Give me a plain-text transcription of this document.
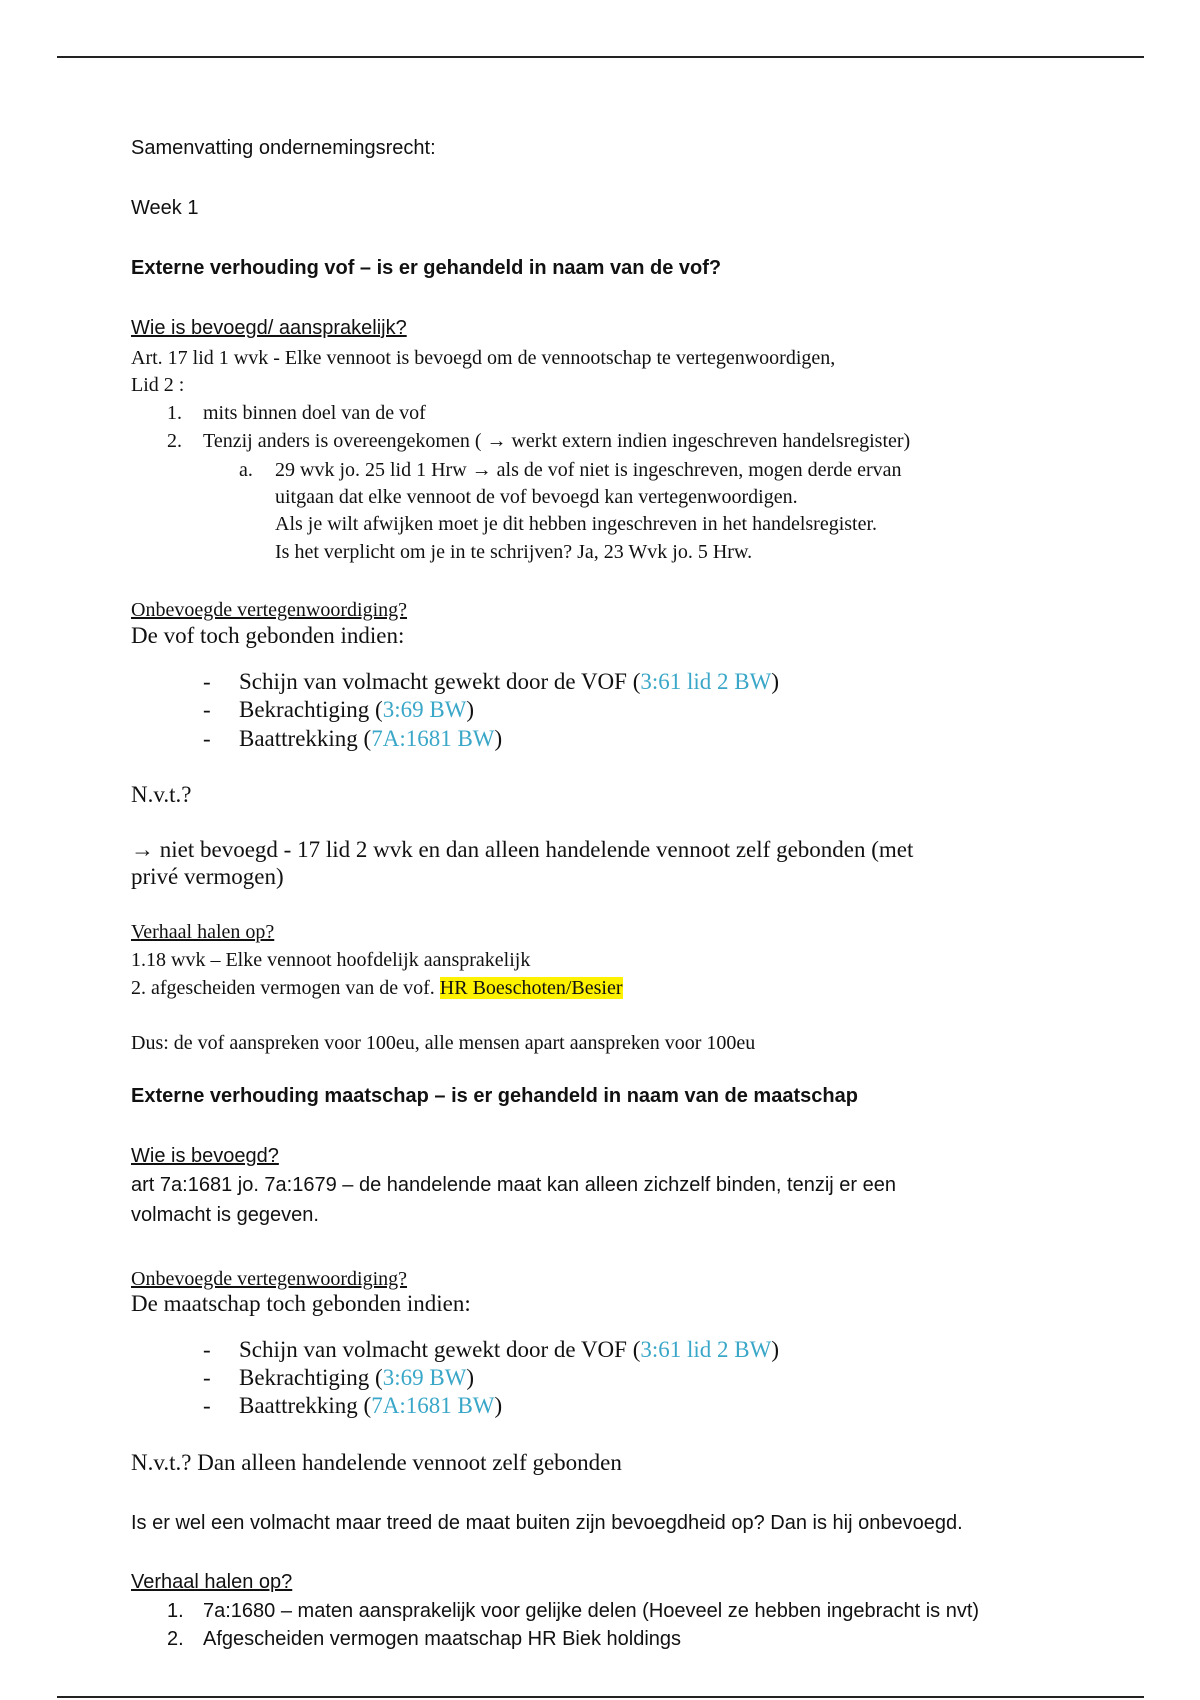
Samenvatting ondernemingsrecht:
Week 1
Externe verhouding vof – is er gehandeld in naam van de vof?
Wie is bevoegd/ aansprakelijk?
Art. 17 lid 1 wvk - Elke vennoot is bevoegd om de vennootschap te vertegenwoordigen,
Lid 2 :
1. mits binnen doel van de vof
2. Tenzij anders is overeengekomen ( → werkt extern indien ingeschreven handelsregister)
a. 29 wvk jo. 25 lid 1 Hrw → als de vof niet is ingeschreven, mogen derde ervan
uitgaan dat elke vennoot de vof bevoegd kan vertegenwoordigen.
Als je wilt afwijken moet je dit hebben ingeschreven in het handelsregister.
Is het verplicht om je in te schrijven? Ja, 23 Wvk jo. 5 Hrw.
Onbevoegde vertegenwoordiging?
De vof toch gebonden indien:
- Schijn van volmacht gewekt door de VOF (3:61 lid 2 BW)
- Bekrachtiging (3:69 BW)
- Baattrekking (7A:1681 BW)
N.v.t.?
→ niet bevoegd - 17 lid 2 wvk en dan alleen handelende vennoot zelf gebonden (met
privé vermogen)
Verhaal halen op?
1.18 wvk – Elke vennoot hoofdelijk aansprakelijk
2. afgescheiden vermogen van de vof. HR Boeschoten/Besier
Dus: de vof aanspreken voor 100eu, alle mensen apart aanspreken voor 100eu
Externe verhouding maatschap – is er gehandeld in naam van de maatschap
Wie is bevoegd?
art 7a:1681 jo. 7a:1679 – de handelende maat kan alleen zichzelf binden, tenzij er een
volmacht is gegeven.
Onbevoegde vertegenwoordiging?
De maatschap toch gebonden indien:
- Schijn van volmacht gewekt door de VOF (3:61 lid 2 BW)
- Bekrachtiging (3:69 BW)
- Baattrekking (7A:1681 BW)
N.v.t.? Dan alleen handelende vennoot zelf gebonden
Is er wel een volmacht maar treed de maat buiten zijn bevoegdheid op? Dan is hij onbevoegd.
Verhaal halen op?
1. 7a:1680 – maten aansprakelijk voor gelijke delen (Hoeveel ze hebben ingebracht is nvt)
2. Afgescheiden vermogen maatschap HR Biek holdings
